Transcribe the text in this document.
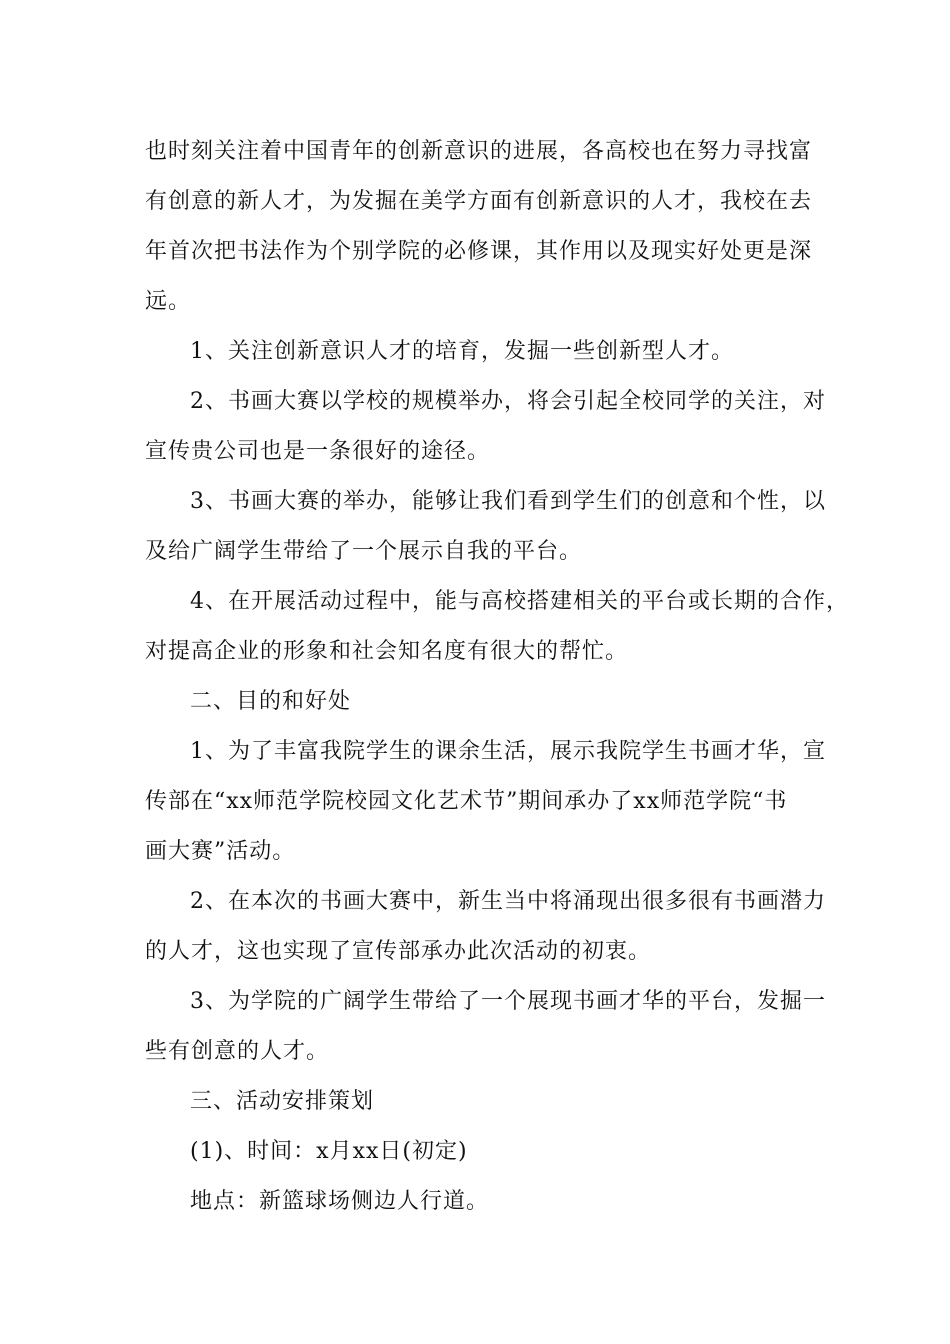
也时刻关注着中国青年的创新意识的进展，各高校也在努力寻找富
有创意的新人才，为发掘在美学方面有创新意识的人才，我校在去
年首次把书法作为个别学院的必修课，其作用以及现实好处更是深
远。
1、关注创新意识人才的培育，发掘一些创新型人才。
2、书画大赛以学校的规模举办，将会引起全校同学的关注，对
宣传贵公司也是一条很好的途径。
3、书画大赛的举办，能够让我们看到学生们的创意和个性，以
及给广阔学生带给了一个展示自我的平台。
4、在开展活动过程中，能与高校搭建相关的平台或长期的合作，
对提高企业的形象和社会知名度有很大的帮忙。
二、目的和好处
1、为了丰富我院学生的课余生活，展示我院学生书画才华，宣
传部在“xx师范学院校园文化艺术节”期间承办了xx师范学院“书
画大赛”活动。
2、在本次的书画大赛中，新生当中将涌现出很多很有书画潜力
的人才，这也实现了宣传部承办此次活动的初衷。
3、为学院的广阔学生带给了一个展现书画才华的平台，发掘一
些有创意的人才。
三、活动安排策划
(1)、时间：x月xx日(初定)
地点：新篮球场侧边人行道。
